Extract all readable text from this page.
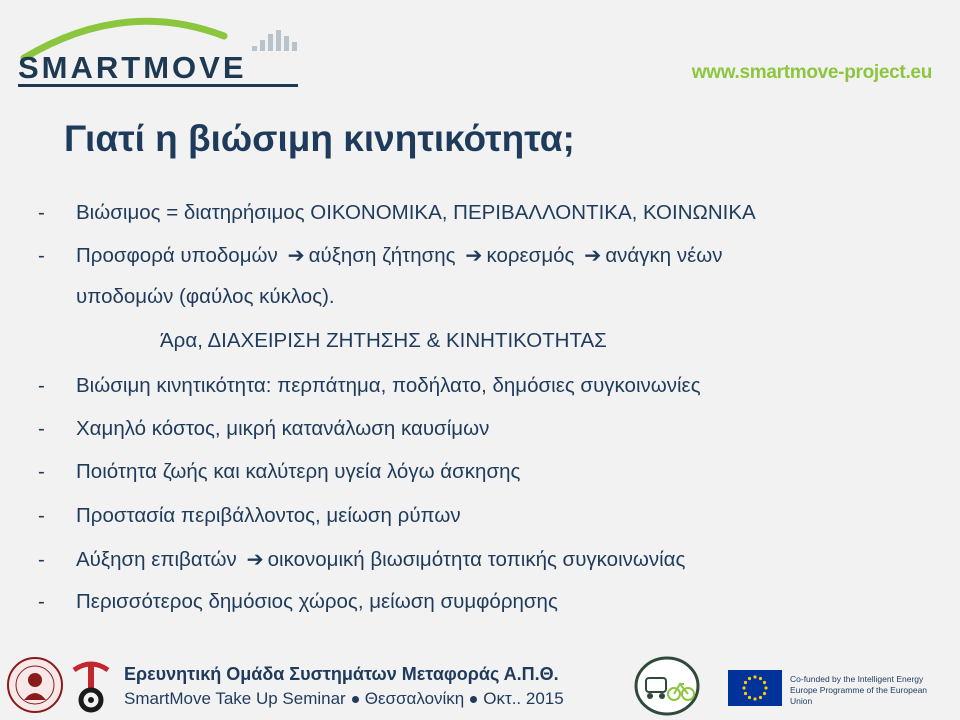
SMARTMOVE	www.smartmove-project.eu
Γιατί η βιώσιμη κινητικότητα;
- Βιώσιμος = διατηρήσιμος ΟΙΚΟΝΟΜΙΚΑ, ΠΕΡΙΒΑΛΛΟΝΤΙΚΑ, ΚΟΙΝΩΝΙΚΑ
- Προσφορά υποδομών ➔ αύξηση ζήτησης ➔ κορεσμός ➔ ανάγκη νέων
υποδομών (φαύλος κύκλος).
Άρα, ΔΙΑΧΕΙΡΙΣΗ ΖΗΤΗΣΗΣ & ΚΙΝΗΤΙΚΟΤΗΤΑΣ
- Βιώσιμη κινητικότητα: περπάτημα, ποδήλατο, δημόσιες συγκοινωνίες
- Χαμηλό κόστος, μικρή κατανάλωση καυσίμων
- Ποιότητα ζωής και καλύτερη υγεία λόγω άσκησης
- Προστασία περιβάλλοντος, μείωση ρύπων
- Αύξηση επιβατών ➔ οικονομική βιωσιμότητα τοπικής συγκοινωνίας
- Περισσότερος δημόσιος χώρος, μείωση συμφόρησης
Ερευνητική Ομάδα Συστημάτων Μεταφοράς Α.Π.Θ.
SmartMove Take Up Seminar Θεσσαλονίκη Οκτ.. 2015
Co-funded by the Intelligent Energy Europe Programme of the European Union
